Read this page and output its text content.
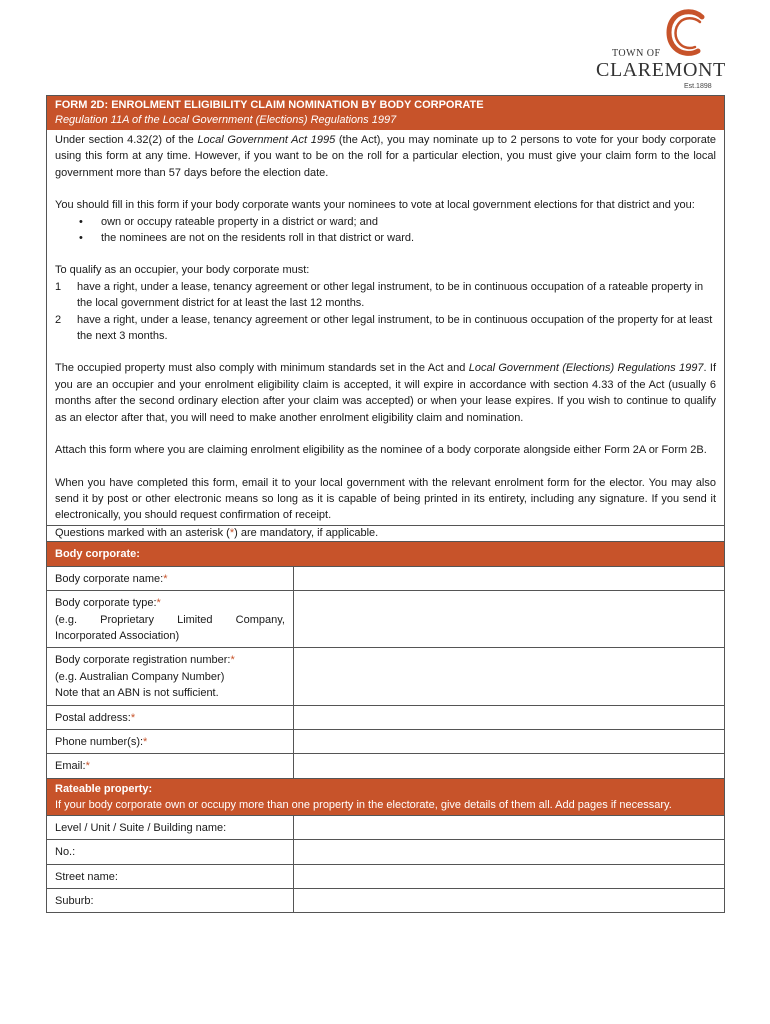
TOWN OF
CLAREMONT
Est.1898
FORM 2D: ENROLMENT ELIGIBILITY CLAIM NOMINATION BY BODY CORPORATE
Regulation 11A of the Local Government (Elections) Regulations 1997

Under section 4.32(2) of the Local Government Act 1995 (the Act), you may nominate up to 2 persons to vote for your body corporate using this form at any time. However, if you want to be on the roll for a particular election, you must give your claim form to the local government more than 57 days before the election date.

You should fill in this form if your body corporate wants your nominees to vote at local government elections for that district and you:

• own or occupy rateable property in a district or ward; and
• the nominees are not on the residents roll in that district or ward.

To qualify as an occupier, your body corporate must:

1 have a right, under a lease, tenancy agreement or other legal instrument, to be in continuous occupation of a rateable property in the local government district for at least the last 12 months.
2 have a right, under a lease, tenancy agreement or other legal instrument, to be in continuous occupation of the property for at least the next 3 months.

The occupied property must also comply with minimum standards set in the Act and Local Government (Elections) Regulations 1997. If you are an occupier and your enrolment eligibility claim is accepted, it will expire in accordance with section 4.33 of the Act (usually 6 months after the second ordinary election after your claim was accepted) or when your lease expires. If you wish to continue to qualify as an elector after that, you will need to make another enrolment eligibility claim and nomination.

Attach this form where you are claiming enrolment eligibility as the nominee of a body corporate alongside either Form 2A or Form 2B.

When you have completed this form, email it to your local government with the relevant enrolment form for the elector. You may also send it by post or other electronic means so long as it is capable of being printed in its entirety, including any signature. If you send it electronically, you should request confirmation of receipt.

Questions marked with an asterisk (*) are mandatory, if applicable.
Body corporate:
Body corporate name:*
Body corporate type:*
(e.g. Proprietary Limited Company, Incorporated Association)
Body corporate registration number:*
(e.g. Australian Company Number)
Note that an ABN is not sufficient.
Postal address:*
Phone number(s):*
Email:*
Rateable property:
If your body corporate own or occupy more than one property in the electorate, give details of them all. Add pages if necessary.
Level / Unit / Suite / Building name:
No.:
Street name:
Suburb:
